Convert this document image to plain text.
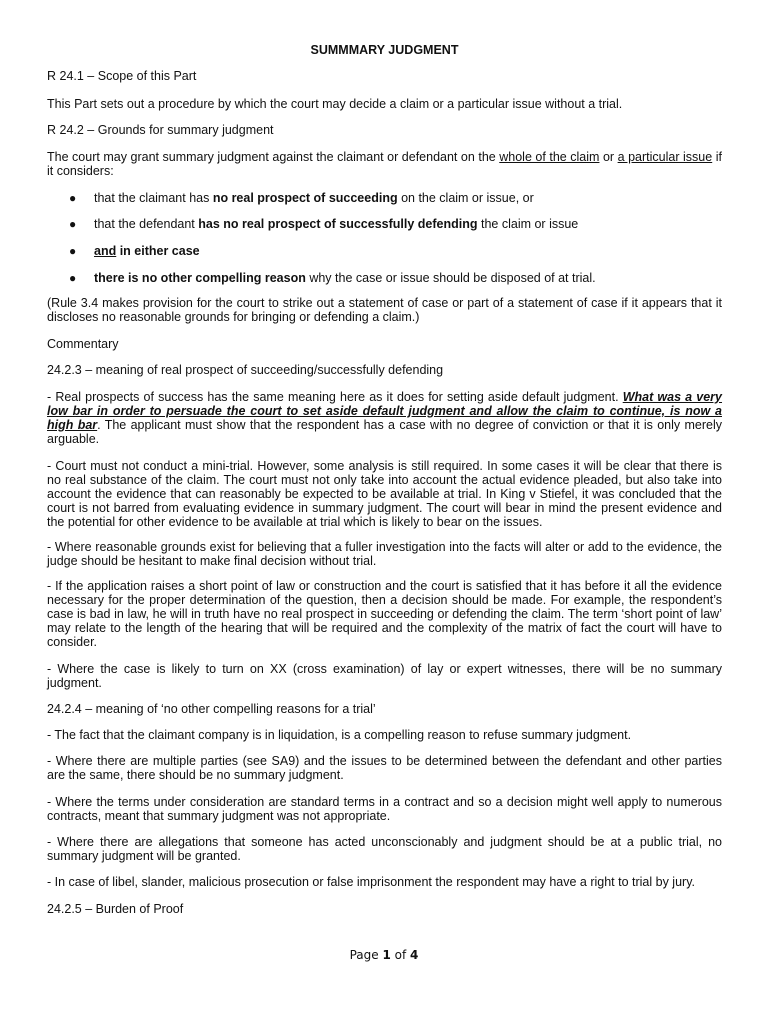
SUMMMARY JUDGMENT

R 24.1 – Scope of this Part

This Part sets out a procedure by which the court may decide a claim or a particular issue without a trial.

R 24.2 – Grounds for summary judgment

The court may grant summary judgment against the claimant or defendant on the whole of the claim or a particular issue if it considers:

● that the claimant has no real prospect of succeeding on the claim or issue, or
● that the defendant has no real prospect of successfully defending the claim or issue
● and in either case
● there is no other compelling reason why the case or issue should be disposed of at trial.

(Rule 3.4 makes provision for the court to strike out a statement of case or part of a statement of case if it appears that it discloses no reasonable grounds for bringing or defending a claim.)

Commentary

24.2.3 – meaning of real prospect of succeeding/successfully defending

- Real prospects of success has the same meaning here as it does for setting aside default judgment. What was a very low bar in order to persuade the court to set aside default judgment and allow the claim to continue, is now a high bar. The applicant must show that the respondent has a case with no degree of conviction or that it is only merely arguable.

- Court must not conduct a mini-trial. However, some analysis is still required. In some cases it will be clear that there is no real substance of the claim. The court must not only take into account the actual evidence pleaded, but also take into account the evidence that can reasonably be expected to be available at trial. In King v Stiefel, it was concluded that the court is not barred from evaluating evidence in summary judgment. The court will bear in mind the present evidence and the potential for other evidence to be available at trial which is likely to bear on the issues.

- Where reasonable grounds exist for believing that a fuller investigation into the facts will alter or add to the evidence, the judge should be hesitant to make final decision without trial.

- If the application raises a short point of law or construction and the court is satisfied that it has before it all the evidence necessary for the proper determination of the question, then a decision should be made. For example, the respondent’s case is bad in law, he will in truth have no real prospect in succeeding or defending the claim. The term ‘short point of law’ may relate to the length of the hearing that will be required and the complexity of the matrix of fact the court will have to consider.

- Where the case is likely to turn on XX (cross examination) of lay or expert witnesses, there will be no summary judgment.

24.2.4 – meaning of ‘no other compelling reasons for a trial’

- The fact that the claimant company is in liquidation, is a compelling reason to refuse summary judgment.

- Where there are multiple parties (see SA9) and the issues to be determined between the defendant and other parties are the same, there should be no summary judgment.

- Where the terms under consideration are standard terms in a contract and so a decision might well apply to numerous contracts, meant that summary judgment was not appropriate.

- Where there are allegations that someone has acted unconscionably and judgment should be at a public trial, no summary judgment will be granted.

- In case of libel, slander, malicious prosecution or false imprisonment the respondent may have a right to trial by jury.

24.2.5 – Burden of Proof

Page 1 of 4
